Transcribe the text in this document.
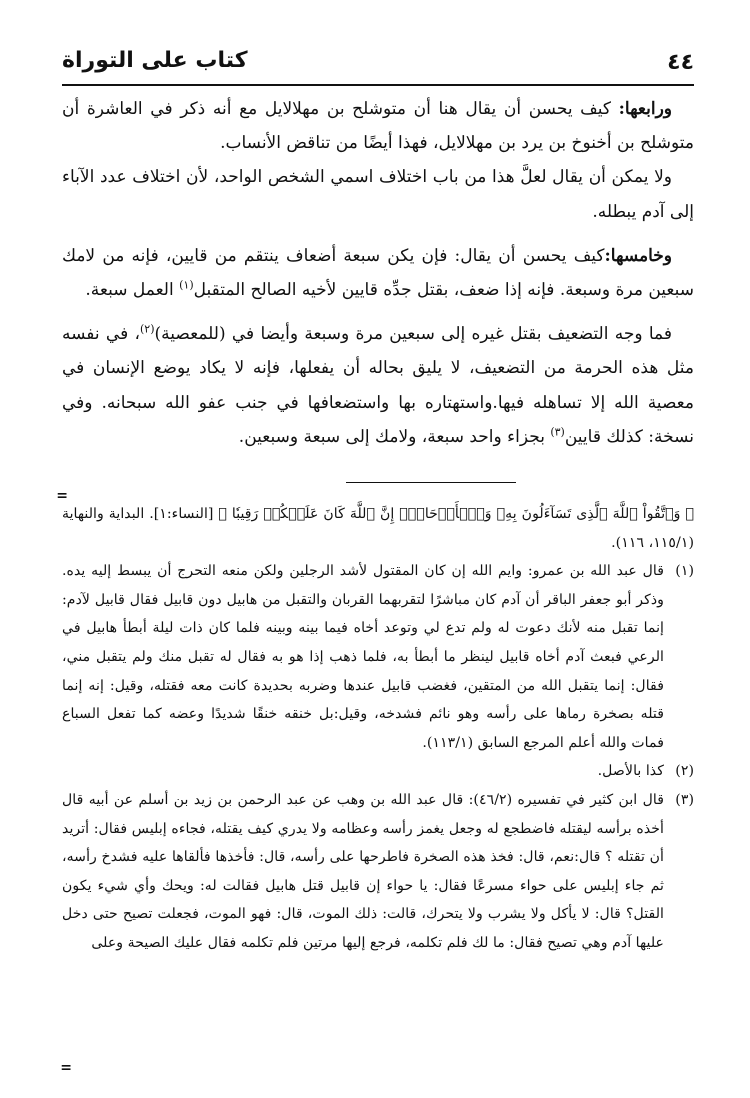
٤٤
كتاب على التوراة

ورابعها: كيف يحسن أن يقال هنا أن متوشلح بن مهلالايل مع أنه ذكر في العاشرة أن متوشلح بن أخنوخ بن يرد بن مهلالايل، فهذا أيضًا من تناقض الأنساب.

ولا يمكن أن يقال لعلَّ هذا من باب اختلاف اسمي الشخص الواحد، لأن اختلاف عدد الآباء إلى آدم يبطله.

وخامسها:كيف يحسن أن يقال: فإن يكن سبعة أضعاف ينتقم من قايين، فإنه من لامك سبعين مرة وسبعة. فإنه إذا ضعف، بقتل جدِّه قايين لأخيه الصالح المتقبل$^{(١)}$ العمل سبعة.

فما وجه التضعيف بقتل غيره إلى سبعين مرة وسبعة وأيضا في (للمعصية)$^{(٢)}$، في نفسه مثل هذه الحرمة من التضعيف، لا يليق بحاله أن يفعلها، فإنه لا يكاد يوضع الإنسان في معصية الله إلا تساهله فيها.واستهتاره بها واستضعافها في جنب عفو الله سبحانه. وفي نسخة: كذلك قايين$^{(٣)}$ بجزاء واحد سبعة، ولامك إلى سبعة وسبعين.

=

﴿ وَٱتَّقُواْ ٱللَّهَ ٱلَّذِى تَسَآءَلُونَ بِهِۦ وَٱلۡأَرۡحَامَۚ إِنَّ ٱللَّهَ كَانَ عَلَيۡكُمۡ رَقِيبٗا ﴾ [النساء:١]. البداية والنهاية (١١٥/١، ١١٦).

(١)
قال عبد الله بن عمرو: وايم الله إن كان المقتول لأشد الرجلين ولكن منعه التحرج أن يبسط إليه يده. وذكر أبو جعفر الباقر أن آدم كان مباشرًا لتقربهما القربان والتقبل من هابيل دون قابيل فقال قابيل لآدم: إنما تقبل منه لأنك دعوت له ولم تدع لي وتوعد أخاه فيما بينه وبينه فلما كان ذات ليلة أبطأ هابيل في الرعي فبعث آدم أخاه قابيل لينظر ما أبطأ به، فلما ذهب إذا هو به فقال له تقبل منك ولم يتقبل مني، فقال: إنما يتقبل الله من المتقين، فغضب قابيل عندها وضربه بحديدة كانت معه فقتله، وقيل: إنه إنما قتله بصخرة رماها على رأسه وهو نائم فشدخه، وقيل:بل خنقه خنقًا شديدًا وعضه كما تفعل السباع فمات والله أعلم المرجع السابق (١١٣/١).

(٢)
كذا بالأصل.

(٣)
قال ابن كثير في تفسيره (٤٦/٢): قال عبد الله بن وهب عن عبد الرحمن بن زيد بن أسلم عن أبيه قال أخذه برأسه ليقتله فاضطجع له وجعل يغمز رأسه وعظامه ولا يدري كيف يقتله، فجاءه إبليس فقال: أتريد أن تقتله ؟ قال:نعم، قال: فخذ هذه الصخرة فاطرحها على رأسه، قال: فأخذها فألقاها عليه فشدخ رأسه، ثم جاء إبليس على حواء مسرعًا فقال: يا حواء إن قابيل قتل هابيل فقالت له: ويحك وأي شيء يكون القتل؟ قال: لا يأكل ولا يشرب ولا يتحرك، قالت: ذلك الموت، قال: فهو الموت، فجعلت تصيح حتى دخل عليها آدم وهي تصيح فقال: ما لك فلم تكلمه، فرجع إليها مرتين فلم تكلمه فقال عليك الصيحة وعلى

=
